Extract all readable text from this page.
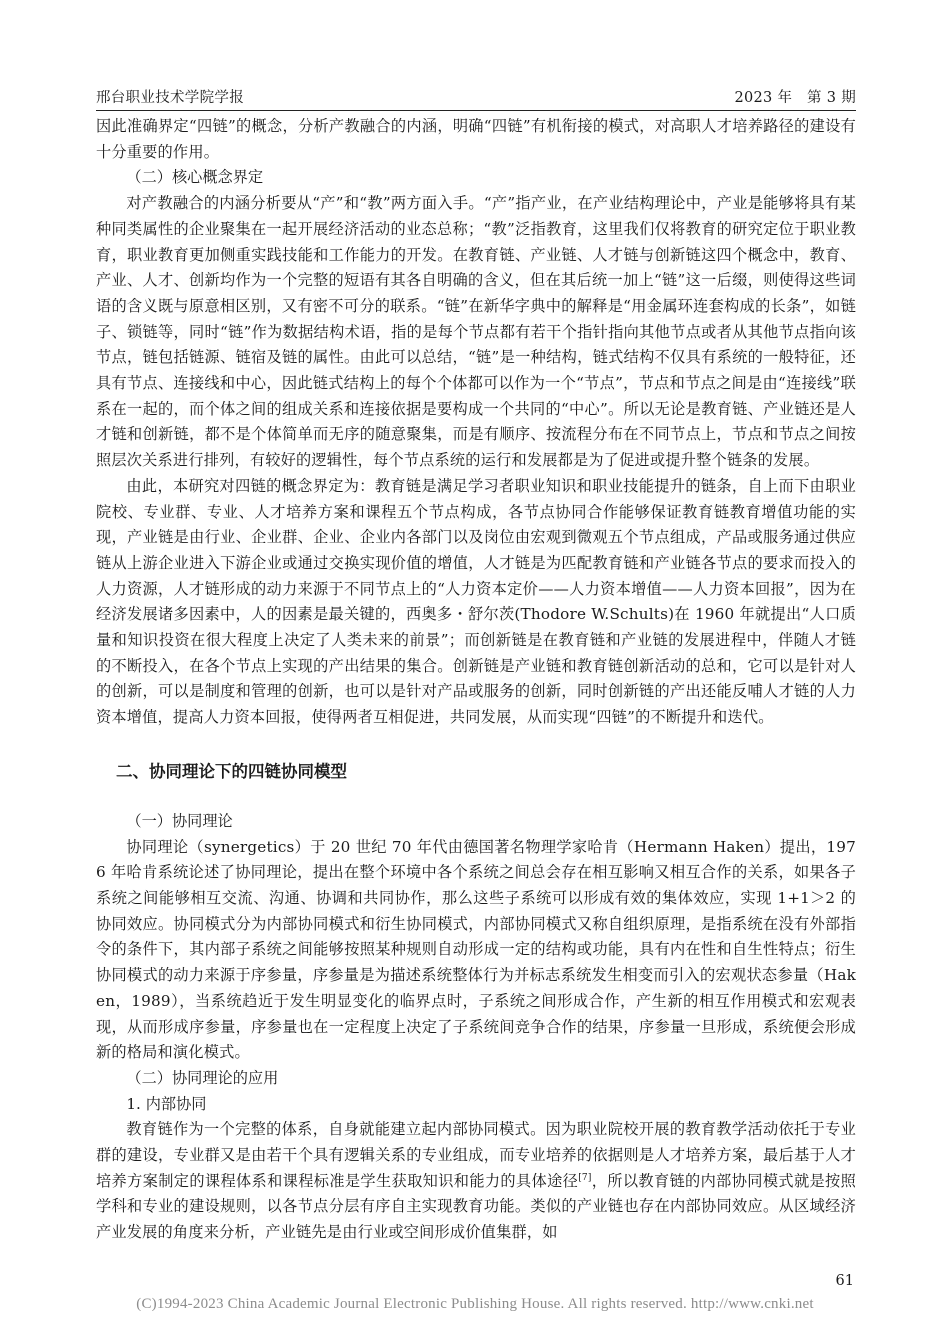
邢台职业技术学院学报	2023 年　第 3 期

因此准确界定“四链”的概念，分析产教融合的内涵，明确“四链”有机衔接的模式，对高职人才培养路径的建设有十分重要的作用。

（二）核心概念界定

对产教融合的内涵分析要从“产”和“教”两方面入手。“产”指产业，在产业结构理论中，产业是能够将具有某种同类属性的企业聚集在一起开展经济活动的业态总称；“教”泛指教育，这里我们仅将教育的研究定位于职业教育，职业教育更加侧重实践技能和工作能力的开发。在教育链、产业链、人才链与创新链这四个概念中，教育、产业、人才、创新均作为一个完整的短语有其各自明确的含义，但在其后统一加上“链”这一后缀，则使得这些词语的含义既与原意相区别，又有密不可分的联系。“链”在新华字典中的解释是“用金属环连套构成的长条”，如链子、锁链等，同时“链”作为数据结构术语，指的是每个节点都有若干个指针指向其他节点或者从其他节点指向该节点，链包括链源、链宿及链的属性。由此可以总结，“链”是一种结构，链式结构不仅具有系统的一般特征，还具有节点、连接线和中心，因此链式结构上的每个个体都可以作为一个“节点”，节点和节点之间是由“连接线”联系在一起的，而个体之间的组成关系和连接依据是要构成一个共同的“中心”。所以无论是教育链、产业链还是人才链和创新链，都不是个体简单而无序的随意聚集，而是有顺序、按流程分布在不同节点上，节点和节点之间按照层次关系进行排列，有较好的逻辑性，每个节点系统的运行和发展都是为了促进或提升整个链条的发展。

由此，本研究对四链的概念界定为：教育链是满足学习者职业知识和职业技能提升的链条，自上而下由职业院校、专业群、专业、人才培养方案和课程五个节点构成，各节点协同合作能够保证教育链教育增值功能的实现，产业链是由行业、企业群、企业、企业内各部门以及岗位由宏观到微观五个节点组成，产品或服务通过供应链从上游企业进入下游企业或通过交换实现价值的增值，人才链是为匹配教育链和产业链各节点的要求而投入的人力资源，人才链形成的动力来源于不同节点上的“人力资本定价——人力资本增值——人力资本回报”，因为在经济发展诸多因素中，人的因素是最关键的，西奥多・舒尔茨(Thodore W.Schults)在 1960 年就提出“人口质量和知识投资在很大程度上决定了人类未来的前景”；而创新链是在教育链和产业链的发展进程中，伴随人才链的不断投入，在各个节点上实现的产出结果的集合。创新链是产业链和教育链创新活动的总和，它可以是针对人的创新，可以是制度和管理的创新，也可以是针对产品或服务的创新，同时创新链的产出还能反哺人才链的人力资本增值，提高人力资本回报，使得两者互相促进，共同发展，从而实现“四链”的不断提升和迭代。

二、协同理论下的四链协同模型

（一）协同理论

协同理论（synergetics）于 20 世纪 70 年代由德国著名物理学家哈肯（Hermann Haken）提出，1976 年哈肯系统论述了协同理论，提出在整个环境中各个系统之间总会存在相互影响又相互合作的关系，如果各子系统之间能够相互交流、沟通、协调和共同协作，那么这些子系统可以形成有效的集体效应，实现 1+1＞2 的协同效应。协同模式分为内部协同模式和衍生协同模式，内部协同模式又称自组织原理，是指系统在没有外部指令的条件下，其内部子系统之间能够按照某种规则自动形成一定的结构或功能，具有内在性和自生性特点；衍生协同模式的动力来源于序参量，序参量是为描述系统整体行为并标志系统发生相变而引入的宏观状态参量（Haken，1989），当系统趋近于发生明显变化的临界点时，子系统之间形成合作，产生新的相互作用模式和宏观表现，从而形成序参量，序参量也在一定程度上决定了子系统间竞争合作的结果，序参量一旦形成，系统便会形成新的格局和演化模式。

（二）协同理论的应用

1. 内部协同

教育链作为一个完整的体系，自身就能建立起内部协同模式。因为职业院校开展的教育教学活动依托于专业群的建设，专业群又是由若干个具有逻辑关系的专业组成，而专业培养的依据则是人才培养方案，最后基于人才培养方案制定的课程体系和课程标准是学生获取知识和能力的具体途径[7]，所以教育链的内部协同模式就是按照学科和专业的建设规则，以各节点分层有序自主实现教育功能。类似的产业链也存在内部协同效应。从区域经济产业发展的角度来分析，产业链先是由行业或空间形成价值集群，如

61
(C)1994-2023 China Academic Journal Electronic Publishing House. All rights reserved. http://www.cnki.net
